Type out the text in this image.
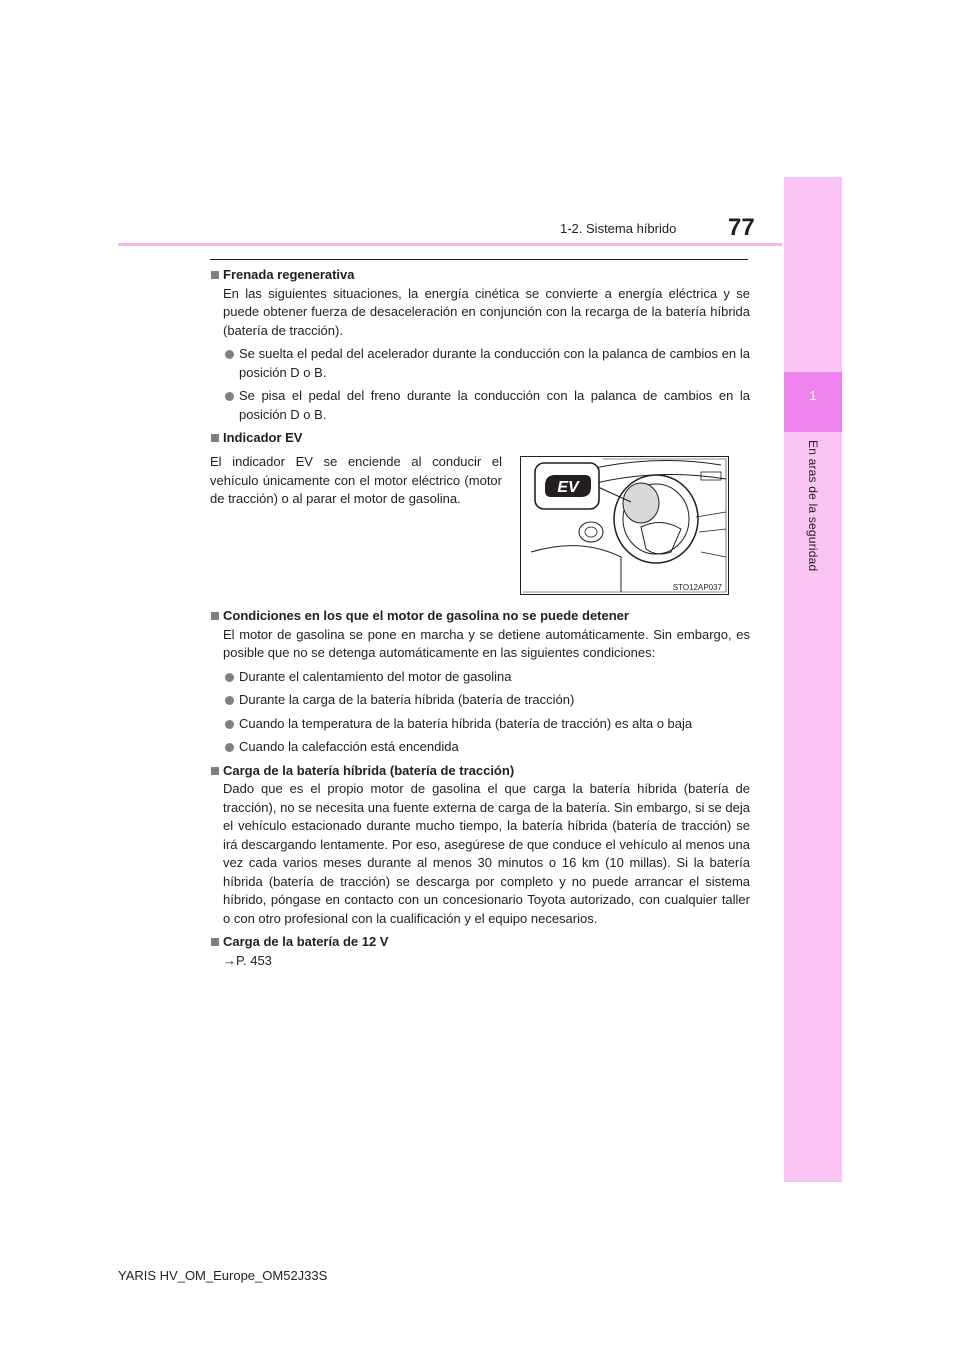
1
En aras de la seguridad
1-2. Sistema híbrido 77
Frenada regenerativa
En las siguientes situaciones, la energía cinética se convierte a energía eléctrica y se puede obtener fuerza de desaceleración en conjunción con la recarga de la batería híbrida (batería de tracción).
Se suelta el pedal del acelerador durante la conducción con la palanca de cambios en la posición D o B.
Se pisa el pedal del freno durante la conducción con la palanca de cambios en la posición D o B.
Indicador EV
El indicador EV se enciende al conducir el vehículo únicamente con el motor eléctrico (motor de tracción) o al parar el motor de gasolina.
EV
STO12AP037
Condiciones en los que el motor de gasolina no se puede detener
El motor de gasolina se pone en marcha y se detiene automáticamente. Sin embargo, es posible que no se detenga automáticamente en las siguientes condiciones:
Durante el calentamiento del motor de gasolina
Durante la carga de la batería híbrida (batería de tracción)
Cuando la temperatura de la batería híbrida (batería de tracción) es alta o baja
Cuando la calefacción está encendida
Carga de la batería híbrida (batería de tracción)
Dado que es el propio motor de gasolina el que carga la batería híbrida (batería de tracción), no se necesita una fuente externa de carga de la batería. Sin embargo, si se deja el vehículo estacionado durante mucho tiempo, la batería híbrida (batería de tracción) se irá descargando lentamente. Por eso, asegúrese de que conduce el vehículo al menos una vez cada varios meses durante al menos 30 minutos o 16 km (10 millas). Si la batería híbrida (batería de tracción) se descarga por completo y no puede arrancar el sistema híbrido, póngase en contacto con un concesionario Toyota autorizado, con cualquier taller o con otro profesional con la cualificación y el equipo necesarios.
Carga de la batería de 12 V
→P. 453
YARIS HV_OM_Europe_OM52J33S
